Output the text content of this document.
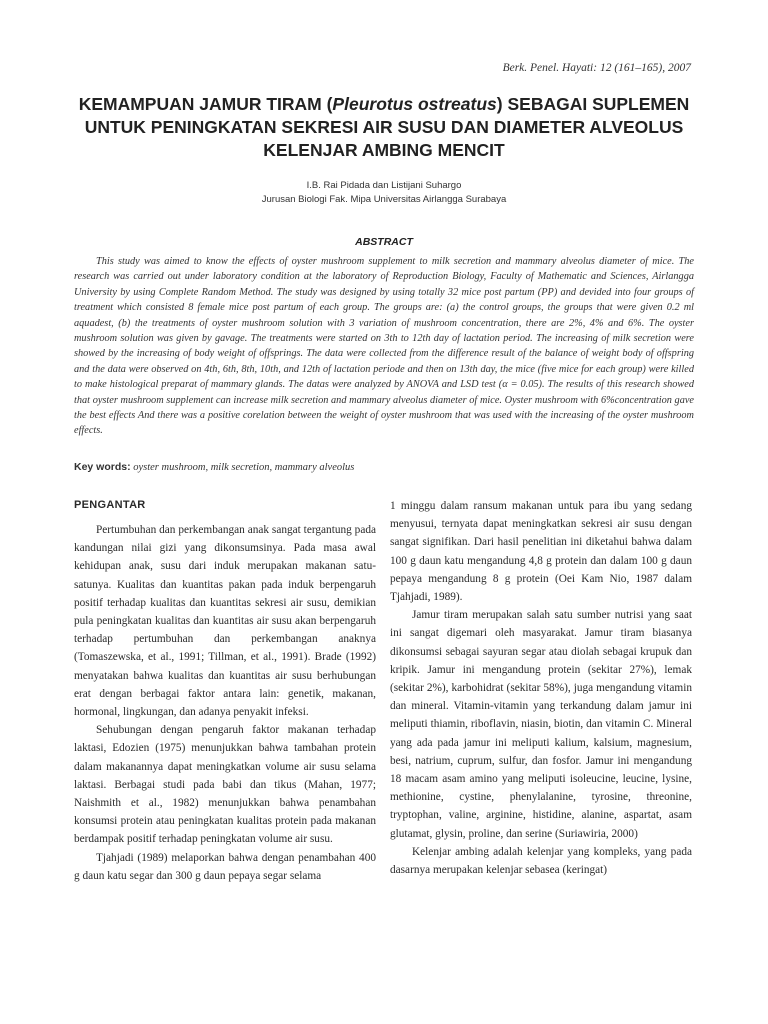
Berk. Penel. Hayati: 12 (161–165), 2007
KEMAMPUAN JAMUR TIRAM (Pleurotus ostreatus) SEBAGAI SUPLEMEN UNTUK PENINGKATAN SEKRESI AIR SUSU DAN DIAMETER ALVEOLUS KELENJAR AMBING MENCIT
I.B. Rai Pidada dan Listijani Suhargo
Jurusan Biologi Fak. Mipa Universitas Airlangga Surabaya
ABSTRACT
This study was aimed to know the effects of oyster mushroom supplement to milk secretion and mammary alveolus diameter of mice. The research was carried out under laboratory condition at the laboratory of Reproduction Biology, Faculty of Mathematic and Sciences, Airlangga University by using Complete Random Method. The study was designed by using totally 32 mice post partum (PP) and devided into four groups of treatment which consisted 8 female mice post partum of each group. The groups are: (a) the control groups, the groups that were given 0.2 ml aquadest, (b) the treatments of oyster mushroom solution with 3 variation of mushroom concentration, there are 2%, 4% and 6%. The oyster mushroom solution was given by gavage. The treatments were started on 3th to 12th day of lactation period. The increasing of milk secretion were showed by the increasing of body weight of offsprings. The data were collected from the difference result of the balance of weight body of offspring and the data were observed on 4th, 6th, 8th, 10th, and 12th of lactation periode and then on 13th day, the mice (five mice for each group) were killed to make histological preparat of mammary glands. The datas were analyzed by ANOVA and LSD test (α = 0.05). The results of this research showed that oyster mushroom supplement can increase milk secretion and mammary alveolus diameter of mice. Oyster mushroom with 6%concentration gave the best effects And there was a positive corelation between the weight of oyster mushroom that was used with the increasing of the oyster mushroom effects.
Key words: oyster mushroom, milk secretion, mammary alveolus
PENGANTAR

Pertumbuhan dan perkembangan anak sangat tergantung pada kandungan nilai gizi yang dikonsumsinya. Pada masa awal kehidupan anak, susu dari induk merupakan makanan satu-satunya. Kualitas dan kuantitas pakan pada induk berpengaruh positif terhadap kualitas dan kuantitas sekresi air susu, demikian pula peningkatan kualitas dan kuantitas air susu akan berpengaruh terhadap pertumbuhan dan perkembangan anaknya (Tomaszewska, et al., 1991; Tillman, et al., 1991). Brade (1992) menyatakan bahwa kualitas dan kuantitas air susu berhubungan erat dengan berbagai faktor antara lain: genetik, makanan, hormonal, lingkungan, dan adanya penyakit infeksi.

Sehubungan dengan pengaruh faktor makanan terhadap laktasi, Edozien (1975) menunjukkan bahwa tambahan protein dalam makanannya dapat meningkatkan volume air susu selama laktasi. Berbagai studi pada babi dan tikus (Mahan, 1977; Naishmith et al., 1982) menunjukkan bahwa penambahan konsumsi protein atau peningkatan kualitas protein pada makanan berdampak positif terhadap peningkatan volume air susu.

Tjahjadi (1989) melaporkan bahwa dengan penambahan 400 g daun katu segar dan 300 g daun pepaya segar selama

1 minggu dalam ransum makanan untuk para ibu yang sedang menyusui, ternyata dapat meningkatkan sekresi air susu dengan sangat signifikan. Dari hasil penelitian ini diketahui bahwa dalam 100 g daun katu mengandung 4,8 g protein dan dalam 100 g daun pepaya mengandung 8 g protein (Oei Kam Nio, 1987 dalam Tjahjadi, 1989).

Jamur tiram merupakan salah satu sumber nutrisi yang saat ini sangat digemari oleh masyarakat. Jamur tiram biasanya dikonsumsi sebagai sayuran segar atau diolah sebagai krupuk dan kripik. Jamur ini mengandung protein (sekitar 27%), lemak (sekitar 2%), karbohidrat (sekitar 58%), juga mengandung vitamin dan mineral. Vitamin-vitamin yang terkandung dalam jamur ini meliputi thiamin, riboflavin, niasin, biotin, dan vitamin C. Mineral yang ada pada jamur ini meliputi kalium, kalsium, magnesium, besi, natrium, cuprum, sulfur, dan fosfor. Jamur ini mengandung 18 macam asam amino yang meliputi isoleucine, leucine, lysine, methionine, cystine, phenylalanine, tyrosine, threonine, tryptophan, valine, arginine, histidine, alanine, aspartat, asam glutamat, glysin, proline, dan serine (Suriawiria, 2000)

Kelenjar ambing adalah kelenjar yang kompleks, yang pada dasarnya merupakan kelenjar sebasea (keringat)
